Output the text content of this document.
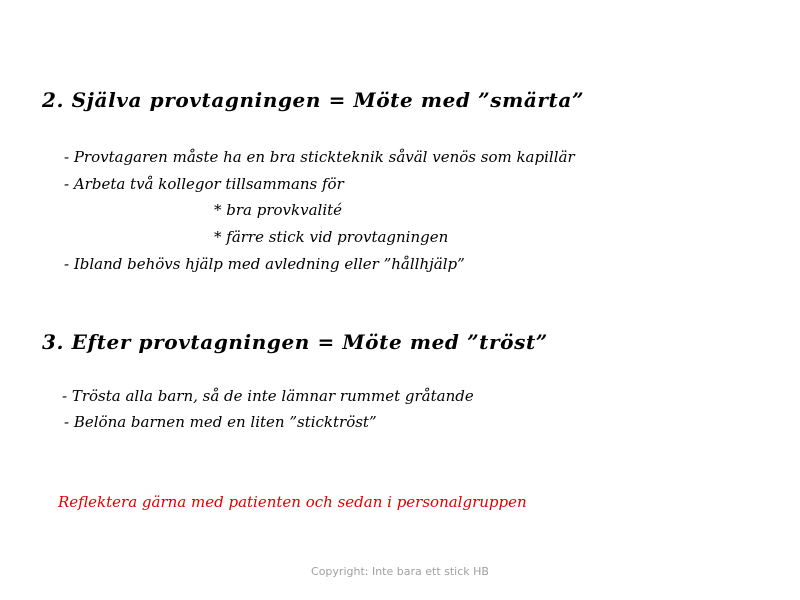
2. Själva provtagningen = Möte med ”smärta”
- Provtagaren måste ha en bra stickteknik såväl venös som kapillär
- Arbeta två kollegor tillsammans för
* bra provkvalité
* färre stick vid provtagningen
- Ibland behövs hjälp med avledning eller ”hållhjälp”
3. Efter provtagningen = Möte med ”tröst”
- Trösta alla barn, så de inte lämnar rummet gråtande
- Belöna barnen med en liten ”sticktröst”
Reflektera gärna med patienten och sedan i personalgruppen
Copyright: Inte bara ett stick HB
